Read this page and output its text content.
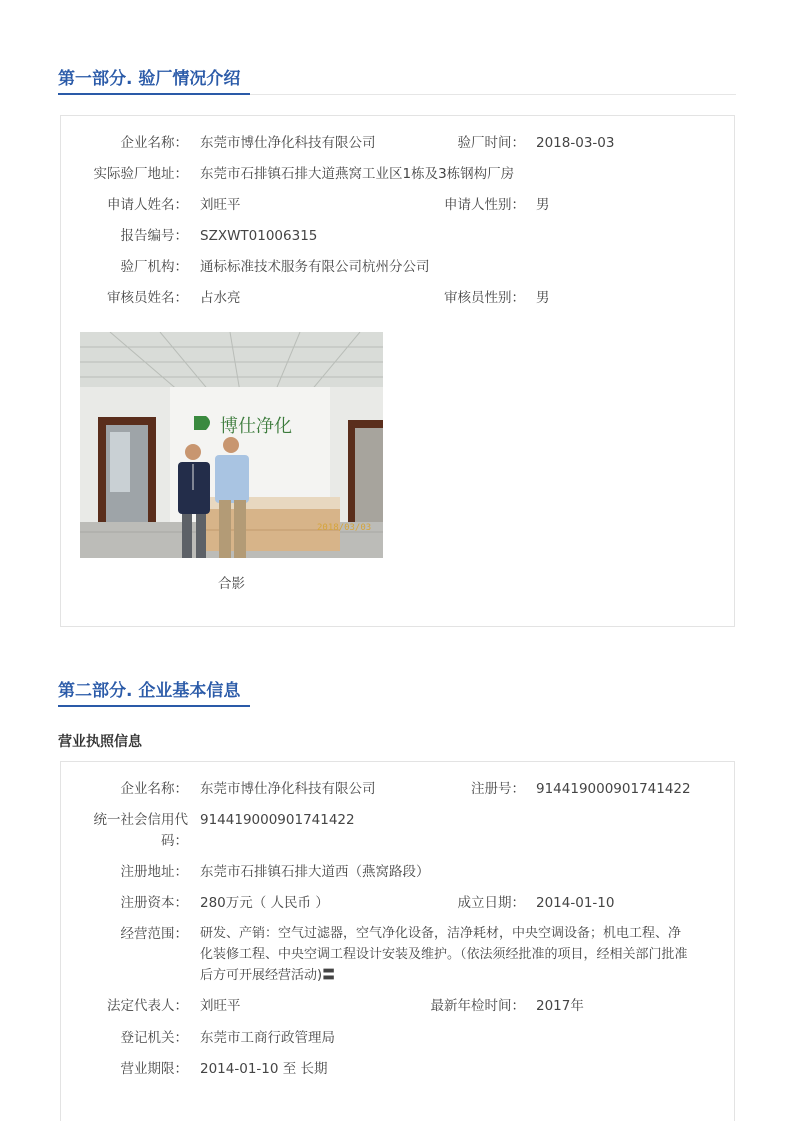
第一部分. 验厂情况介绍
企业名称： 东莞市博仕净化科技有限公司	验厂时间： 2018-03-03
实际验厂地址： 东莞市石排镇石排大道燕窝工业区1栋及3栋钢构厂房
申请人姓名： 刘旺平	申请人性别： 男
报告编号： SZXWT01006315
验厂机构： 通标标准技术服务有限公司杭州分公司
审核员姓名： 占水亮	审核员性别： 男
博仕净化
2018/03/03
合影
第二部分. 企业基本信息
营业执照信息
企业名称： 东莞市博仕净化科技有限公司	注册号： 914419000901741422
统一社会信用代
码：
914419000901741422
注册地址： 东莞市石排镇石排大道西（燕窝路段）
注册资本： 280万元（ 人民币 ）	成立日期： 2014-01-10
经营范围： 研发、产销：空气过滤器，空气净化设备，洁净耗材，中央空调设备；机电工程、净
化装修工程、中央空调工程设计安装及维护。（依法须经批准的项目，经相关部门批准
后方可开展经营活动)〓
法定代表人： 刘旺平	最新年检时间： 2017年
登记机关： 东莞市工商行政管理局
营业期限： 2014-01-10 至 长期
